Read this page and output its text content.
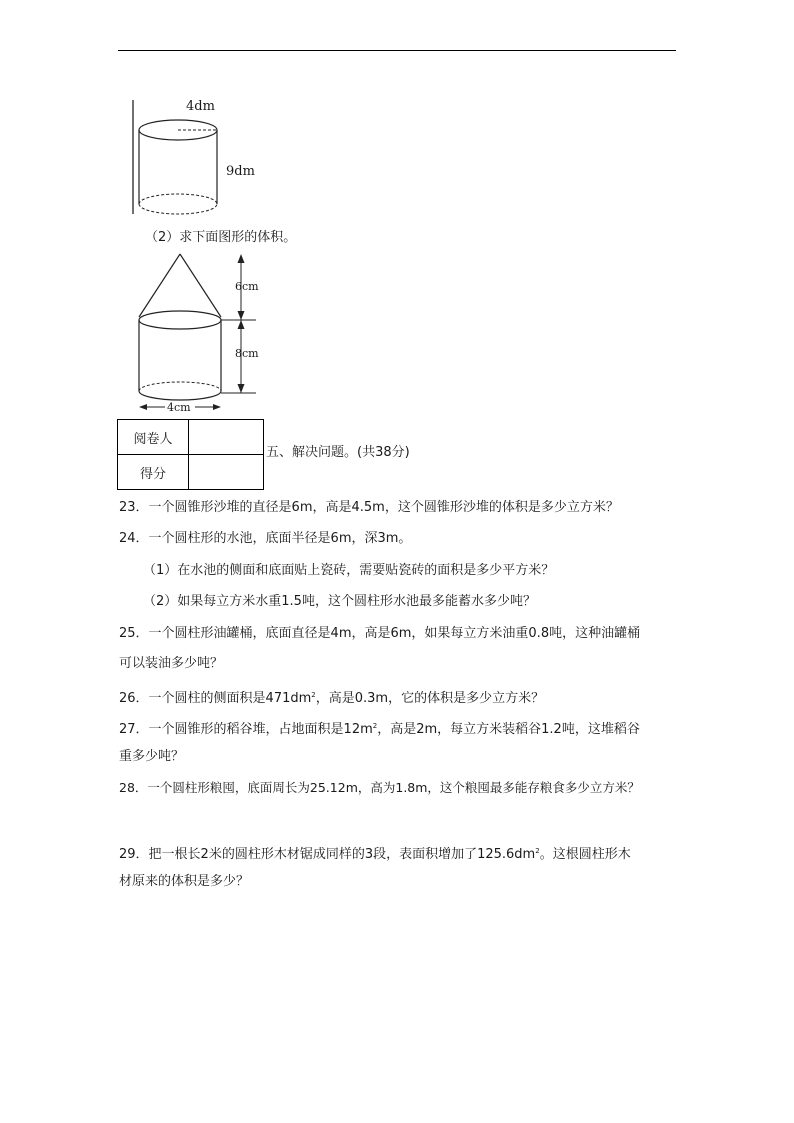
4dm
9dm
（2）求下面图形的体积。
6cm
8cm
4cm
阅卷人	
得分	
五、解决问题。(共38分)
23．一个圆锥形沙堆的直径是6m，高是4.5m，这个圆锥形沙堆的体积是多少立方米？
24．一个圆柱形的水池，底面半径是6m，深3m。
（1）在水池的侧面和底面贴上瓷砖，需要贴瓷砖的面积是多少平方米？
（2）如果每立方米水重1.5吨，这个圆柱形水池最多能蓄水多少吨？
25．一个圆柱形油罐桶，底面直径是4m，高是6m，如果每立方米油重0.8吨，这种油罐桶
可以装油多少吨？
26．一个圆柱的侧面积是$471dm^2$，高是0.3m，它的体积是多少立方米？
27．一个圆锥形的稻谷堆，占地面积是$12m^2$，高是2m，每立方米装稻谷1.2吨，这堆稻谷
重多少吨？
28．一个圆柱形粮囤，底面周长为25.12m，高为1.8m，这个粮囤最多能存粮食多少立方米？
29．把一根长2米的圆柱形木材锯成同样的3段，表面积增加了$125.6dm^2$。这根圆柱形木
材原来的体积是多少？
